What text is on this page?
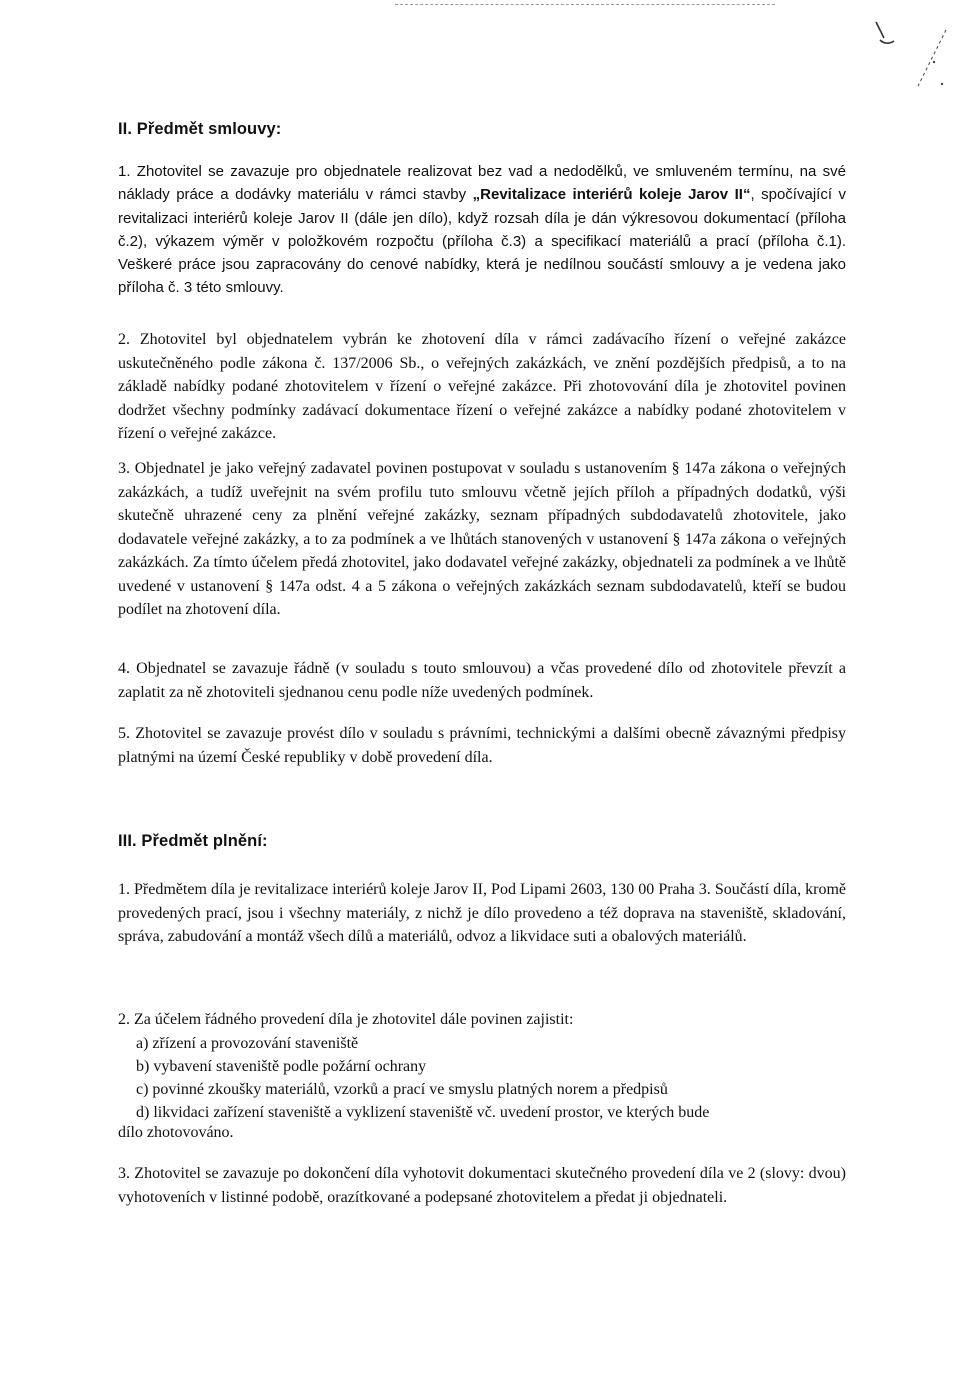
II. Předmět smlouvy:

1. Zhotovitel se zavazuje pro objednatele realizovat bez vad a nedodělků, ve smluveném termínu, na své náklady práce a dodávky materiálu v rámci stavby „Revitalizace interiérů koleje Jarov II“, spočívající v revitalizaci interiérů koleje Jarov II (dále jen dílo), když rozsah díla je dán výkresovou dokumentací (příloha č.2), výkazem výměr v položkovém rozpočtu (příloha č.3) a specifikací materiálů a prací (příloha č.1). Veškeré práce jsou zapracovány do cenové nabídky, která je nedílnou součástí smlouvy a je vedena jako příloha č. 3 této smlouvy.

2. Zhotovitel byl objednatelem vybrán ke zhotovení díla v rámci zadávacího řízení o veřejné zakázce uskutečněného podle zákona č. 137/2006 Sb., o veřejných zakázkách, ve znění pozdějších předpisů, a to na základě nabídky podané zhotovitelem v řízení o veřejné zakázce. Při zhotovování díla je zhotovitel povinen dodržet všechny podmínky zadávací dokumentace řízení o veřejné zakázce a nabídky podané zhotovitelem v řízení o veřejné zakázce.

3. Objednatel je jako veřejný zadavatel povinen postupovat v souladu s ustanovením § 147a zákona o veřejných zakázkách, a tudíž uveřejnit na svém profilu tuto smlouvu včetně jejích příloh a případných dodatků, výši skutečně uhrazené ceny za plnění veřejné zakázky, seznam případných subdodavatelů zhotovitele, jako dodavatele veřejné zakázky, a to za podmínek a ve lhůtách stanovených v ustanovení § 147a zákona o veřejných zakázkách. Za tímto účelem předá zhotovitel, jako dodavatel veřejné zakázky, objednateli za podmínek a ve lhůtě uvedené v ustanovení § 147a odst. 4 a 5 zákona o veřejných zakázkách seznam subdodavatelů, kteří se budou podílet na zhotovení díla.

4. Objednatel se zavazuje řádně (v souladu s touto smlouvou) a včas provedené dílo od zhotovitele převzít a zaplatit za ně zhotoviteli sjednanou cenu podle níže uvedených podmínek.

5. Zhotovitel se zavazuje provést dílo v souladu s právními, technickými a dalšími obecně závaznými předpisy platnými na území České republiky v době provedení díla.

III. Předmět plnění:

1. Předmětem díla je revitalizace interiérů koleje Jarov II, Pod Lipami 2603, 130 00 Praha 3. Součástí díla, kromě provedených prací, jsou i všechny materiály, z nichž je dílo provedeno a též doprava na staveniště, skladování, správa, zabudování a montáž všech dílů a materiálů, odvoz a likvidace suti a obalových materiálů.

2. Za účelem řádného provedení díla je zhotovitel dále povinen zajistit:

a) zřízení a provozování staveniště

b) vybavení staveniště podle požární ochrany

c) povinné zkoušky materiálů, vzorků a prací ve smyslu platných norem a předpisů

d) likvidaci zařízení staveniště a vyklizení staveniště vč. uvedení prostor, ve kterých bude

dílo zhotovováno.

3. Zhotovitel se zavazuje po dokončení díla vyhotovit dokumentaci skutečného provedení díla ve 2 (slovy: dvou) vyhotoveních v listinné podobě, orazítkované a podepsané zhotovitelem a předat ji objednateli.
